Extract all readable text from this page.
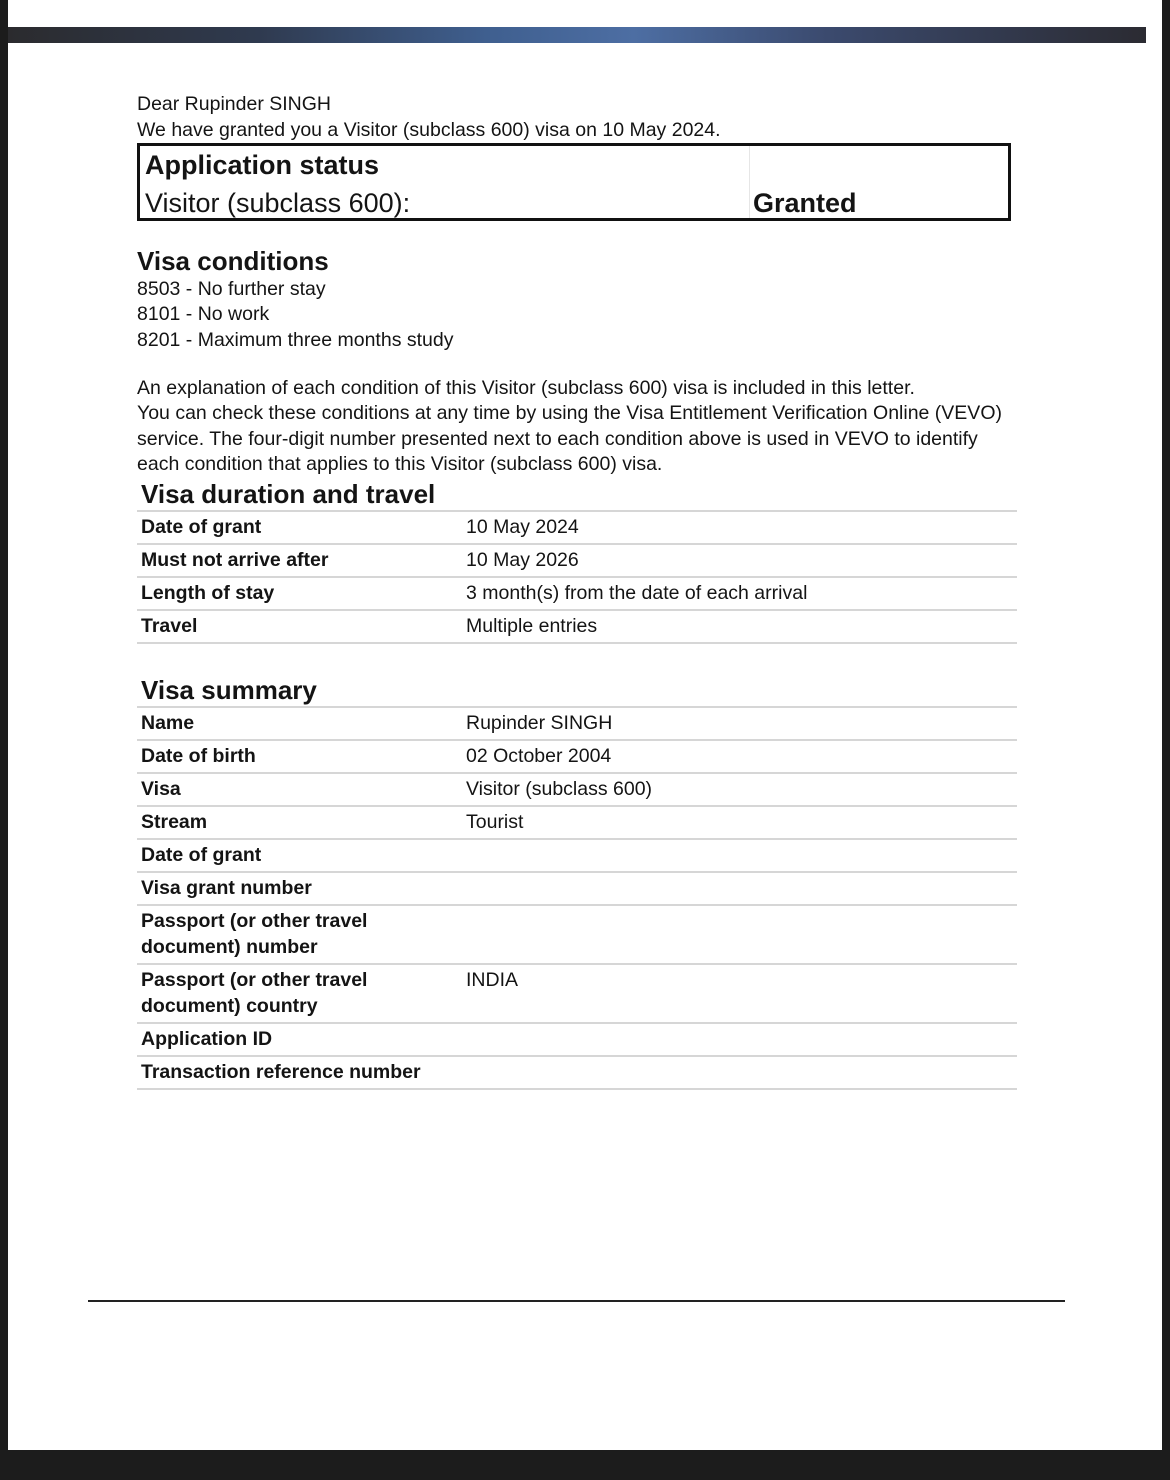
Dear Rupinder SINGH

We have granted you a Visitor (subclass 600) visa on 10 May 2024.

Application status
Visitor (subclass 600):	Granted
Visa conditions
8503 - No further stay
8101 - No work
8201 - Maximum three months study

An explanation of each condition of this Visitor (subclass 600) visa is included in this letter.

You can check these conditions at any time by using the Visa Entitlement Verification Online (VEVO) service. The four-digit number presented next to each condition above is used in VEVO to identify each condition that applies to this Visitor (subclass 600) visa.

Visa duration and travel
Date of grant	10 May 2024
Must not arrive after	10 May 2026
Length of stay	3 month(s) from the date of each arrival
Travel	Multiple entries
Visa summary
Name	Rupinder SINGH
Date of birth	02 October 2004
Visa	Visitor (subclass 600)
Stream	Tourist
Date of grant	
Visa grant number	
Passport (or other travel document) number	
Passport (or other travel document) country	INDIA
Application ID	
Transaction reference number	
